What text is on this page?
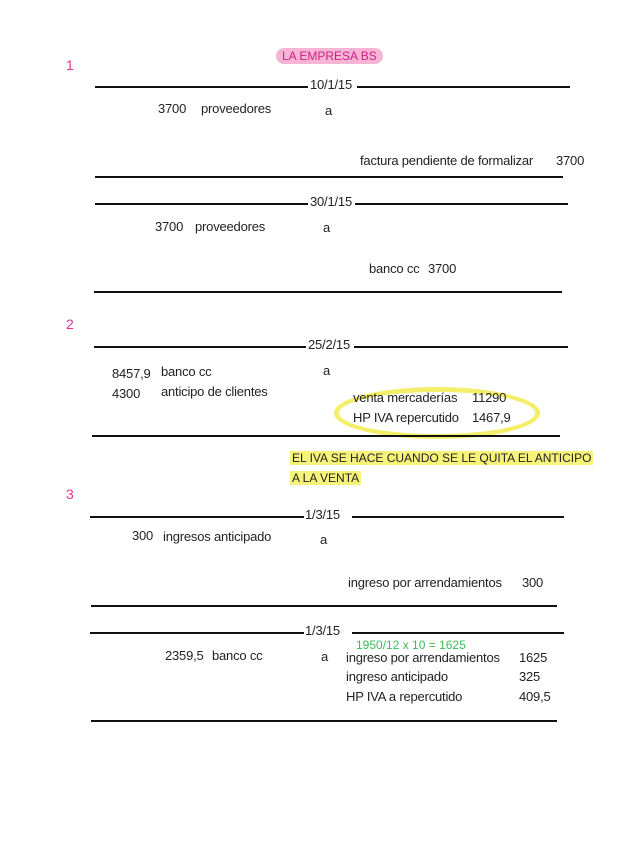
LA EMPRESA BS
1
2
3
10/1/15
3700 proveedores	a
factura pendiente de formalizar 3700
30/1/15
3700 proveedores	a
banco cc 3700
25/2/15
8457,9 banco cc
4300 anticipo de clientes
a
venta mercaderías 11290
HP IVA repercutido 1467,9
EL IVA SE HACE CUANDO SE LE QUITA EL ANTICIPO
A LA VENTA
1/3/15
300 ingresos anticipado	a
ingreso por arrendamientos 300
1/3/15
1950/12 x 10 = 1625
2359,5 banco cc	a ingreso por arrendamientos 1625
ingreso anticipado	325
HP IVA a repercutido	409,5
